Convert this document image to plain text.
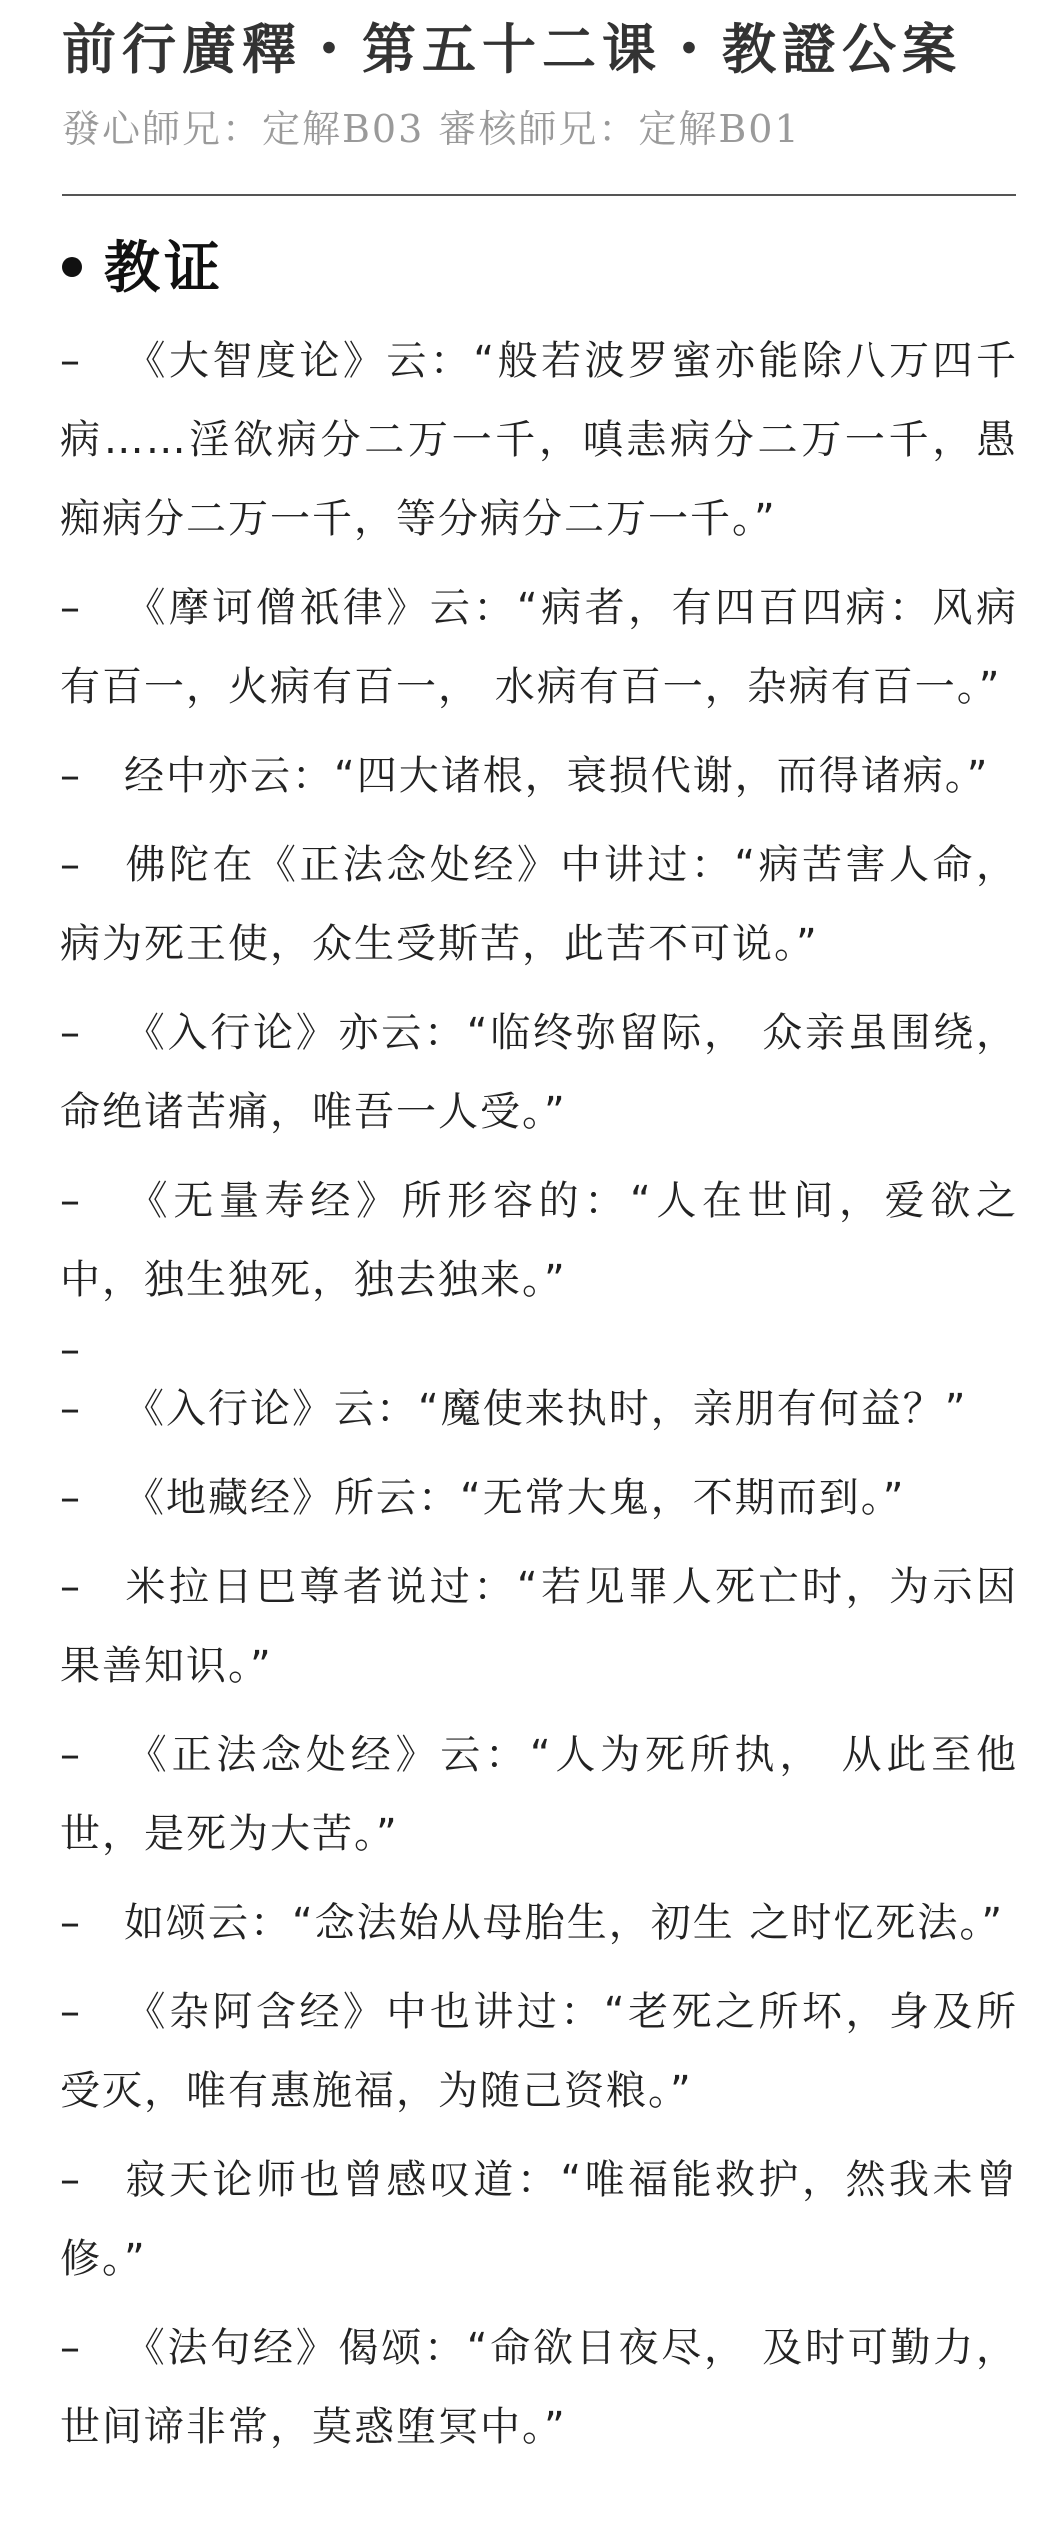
前行廣釋・第五十二课・教證公案
發心師兄：定解B03 審核師兄：定解B01
教证
– 《大智度论》云：“般若波罗蜜亦能除八万四千病……淫欲病分二万一千，嗔恚病分二万一千，愚痴病分二万一千，等分病分二万一千。”
– 《摩诃僧祇律》云：“病者，有四百四病：风病有百一，火病有百一， 水病有百一，杂病有百一。”
– 经中亦云：“四大诸根，衰损代谢，而得诸病。”
– 佛陀在《正法念处经》中讲过：“病苦害人命，病为死王使，众生受斯苦，此苦不可说。”
– 《入行论》亦云：“临终弥留际， 众亲虽围绕，命绝诸苦痛，唯吾一人受。”
– 《无量寿经》所形容的：“人在世间，爱欲之中，独生独死，独去独来。”
–
– 《入行论》云：“魔使来执时，亲朋有何益？”
– 《地藏经》所云：“无常大鬼，不期而到。”
– 米拉日巴尊者说过：“若见罪人死亡时，为示因果善知识。”
– 《正法念处经》云：“人为死所执， 从此至他世，是死为大苦。”
– 如颂云：“念法始从母胎生，初生 之时忆死法。”
– 《杂阿含经》中也讲过：“老死之所坏，身及所受灭，唯有惠施福，为随己资粮。”
– 寂天论师也曾感叹道：“唯福能救护，然我未曾修。”
– 《法句经》偈颂：“命欲日夜尽， 及时可勤力，世间谛非常，莫惑堕冥中。”
